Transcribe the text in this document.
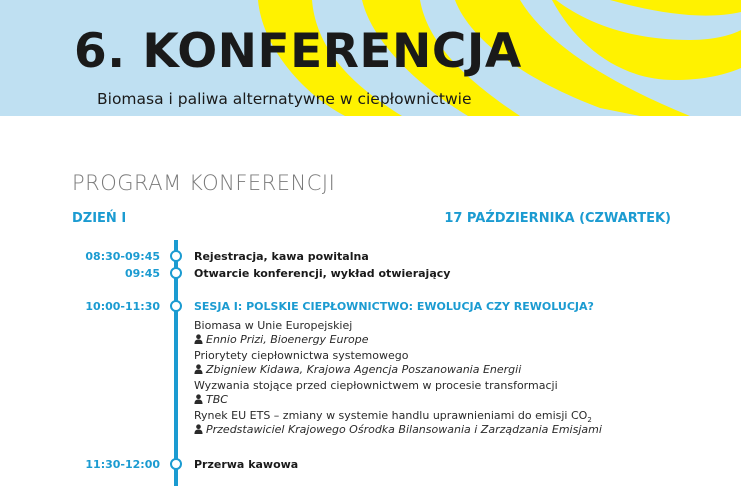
6. KONFERENCJA
Biomasa i paliwa alternatywne w ciepłownictwie
PROGRAM KONFERENCJI
DZIEŃ I	17 PAŹDZIERNIKA (CZWARTEK)
08:30-09:45	Rejestracja, kawa powitalna
09:45	Otwarcie konferencji, wykład otwierający
10:00-11:30	SESJA I: POLSKIE CIEPŁOWNICTWO: EWOLUCJA CZY REWOLUCJA?
Biomasa w Unie Europejskiej
Ennio Prizi, Bioenergy Europe
Priorytety ciepłownictwa systemowego
Zbigniew Kidawa, Krajowa Agencja Poszanowania Energii
Wyzwania stojące przed ciepłownictwem w procesie transformacji
TBC
Rynek EU ETS – zmiany w systemie handlu uprawnieniami do emisji $CO_2$
Przedstawiciel Krajowego Ośrodka Bilansowania i Zarządzania Emisjami
11:30-12:00	Przerwa kawowa
